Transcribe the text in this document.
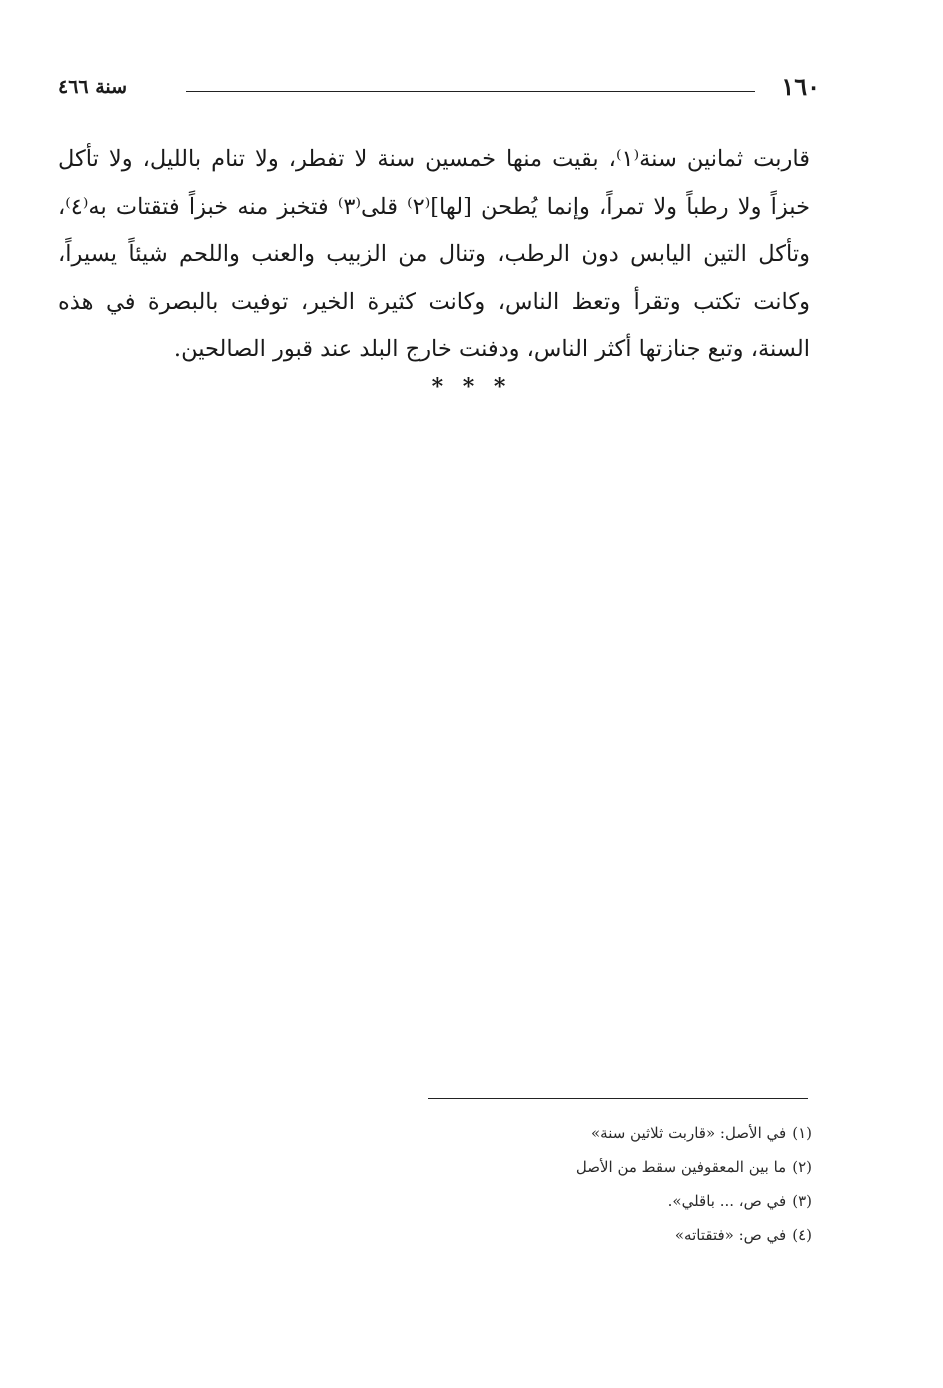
١٦٠
سنة ٤٦٦

قاربت ثمانين سنة⁽١⁾، بقيت منها خمسين سنة لا تفطر، ولا تنام بالليل، ولا تأكل خبزاً ولا رطباً ولا تمراً، وإنما يُطحن [لها]⁽٢⁾ قلى⁽٣⁾ فتخبز منه خبزاً فتقتات به⁽٤⁾، وتأكل التين اليابس دون الرطب، وتنال من الزبيب والعنب واللحم شيئاً يسيراً، وكانت تكتب وتقرأ وتعظ الناس، وكانت كثيرة الخير، توفيت بالبصرة في هذه السنة، وتبع جنازتها أكثر الناس، ودفنت خارج البلد عند قبور الصالحين.

* * *
(١)في الأصل: «قاربت ثلاثين سنة»
(٢)ما بين المعقوفين سقط من الأصل
(٣)في ص، ... باقلي».
(٤)في ص: «فتقتاته»
